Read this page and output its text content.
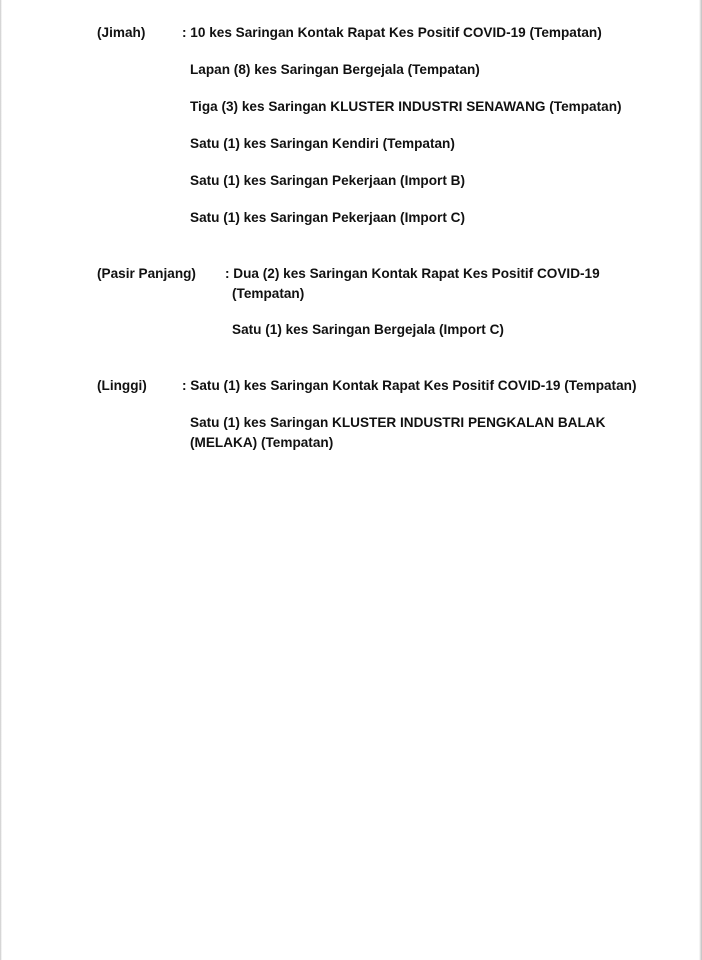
(Jimah)	: 10 kes Saringan Kontak Rapat Kes Positif COVID-19 (Tempatan)

Lapan (8) kes Saringan Bergejala (Tempatan)

Tiga (3) kes Saringan KLUSTER INDUSTRI SENAWANG (Tempatan)

Satu (1) kes Saringan Kendiri (Tempatan)

Satu (1) kes Saringan Pekerjaan (Import B)

Satu (1) kes Saringan Pekerjaan (Import C)

(Pasir Panjang) : Dua (2) kes Saringan Kontak Rapat Kes Positif COVID-19

(Tempatan)

Satu (1) kes Saringan Bergejala (Import C)

(Linggi)	: Satu (1) kes Saringan Kontak Rapat Kes Positif COVID-19 (Tempatan)

Satu (1) kes Saringan KLUSTER INDUSTRI PENGKALAN BALAK

(MELAKA) (Tempatan)
